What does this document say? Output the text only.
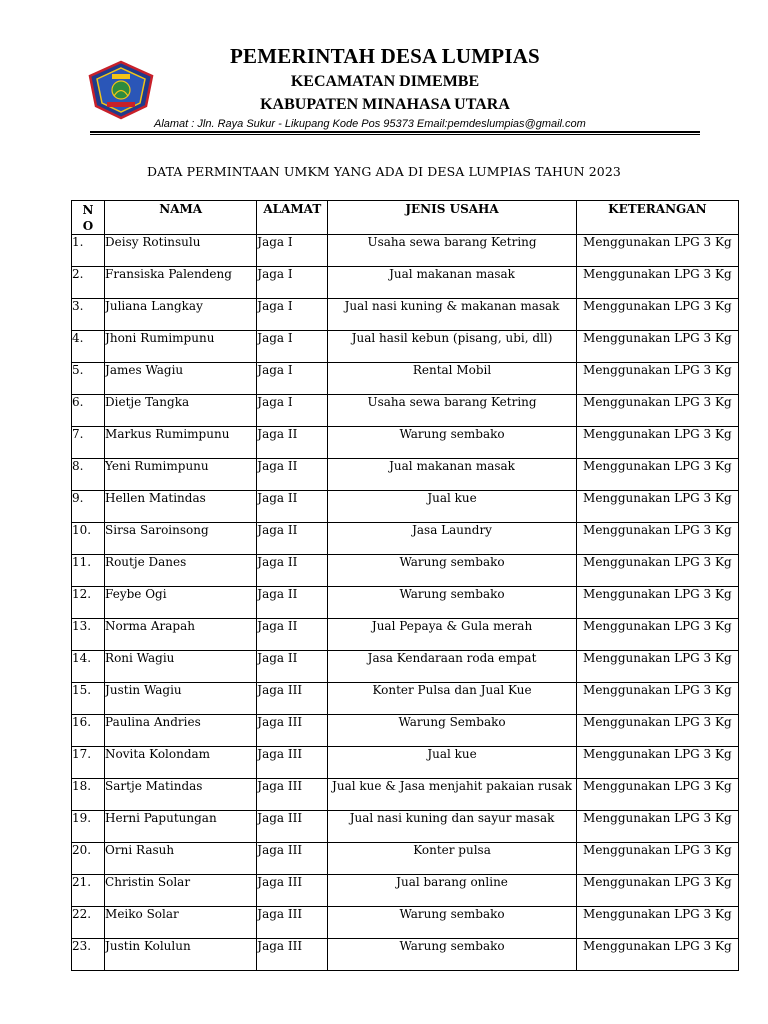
PEMERINTAH DESA LUMPIAS
KECAMATAN DIMEMBE
KABUPATEN MINAHASA UTARA
Alamat : Jln. Raya Sukur - Likupang Kode Pos 95373 Email:pemdeslumpias@gmail.com
DATA PERMINTAAN UMKM YANG ADA DI DESA LUMPIAS TAHUN 2023
N
O	NAMA	ALAMAT	JENIS USAHA	KETERANGAN
1.	Deisy Rotinsulu	Jaga I	Usaha sewa barang Ketring	Menggunakan LPG 3 Kg
2.	Fransiska Palendeng	Jaga I	Jual makanan masak	Menggunakan LPG 3 Kg
3.	Juliana Langkay	Jaga I	Jual nasi kuning & makanan masak	Menggunakan LPG 3 Kg
4.	Jhoni Rumimpunu	Jaga I	Jual hasil kebun (pisang, ubi, dll)	Menggunakan LPG 3 Kg
5.	James Wagiu	Jaga I	Rental Mobil	Menggunakan LPG 3 Kg
6.	Dietje Tangka	Jaga I	Usaha sewa barang Ketring	Menggunakan LPG 3 Kg
7.	Markus Rumimpunu	Jaga II	Warung sembako	Menggunakan LPG 3 Kg
8.	Yeni Rumimpunu	Jaga II	Jual makanan masak	Menggunakan LPG 3 Kg
9.	Hellen Matindas	Jaga II	Jual kue	Menggunakan LPG 3 Kg
10.	Sirsa Saroinsong	Jaga II	Jasa Laundry	Menggunakan LPG 3 Kg
11.	Routje Danes	Jaga II	Warung sembako	Menggunakan LPG 3 Kg
12.	Feybe Ogi	Jaga II	Warung sembako	Menggunakan LPG 3 Kg
13.	Norma Arapah	Jaga II	Jual Pepaya & Gula merah	Menggunakan LPG 3 Kg
14.	Roni Wagiu	Jaga II	Jasa Kendaraan roda empat	Menggunakan LPG 3 Kg
15.	Justin Wagiu	Jaga III	Konter Pulsa dan Jual Kue	Menggunakan LPG 3 Kg
16.	Paulina Andries	Jaga III	Warung Sembako	Menggunakan LPG 3 Kg
17.	Novita Kolondam	Jaga III	Jual kue	Menggunakan LPG 3 Kg
18.	Sartje Matindas	Jaga III	Jual kue & Jasa menjahit pakaian rusak	Menggunakan LPG 3 Kg
19.	Herni Paputungan	Jaga III	Jual nasi kuning dan sayur masak	Menggunakan LPG 3 Kg
20.	Orni Rasuh	Jaga III	Konter pulsa	Menggunakan LPG 3 Kg
21.	Christin Solar	Jaga III	Jual barang online	Menggunakan LPG 3 Kg
22.	Meiko Solar	Jaga III	Warung sembako	Menggunakan LPG 3 Kg
23.	Justin Kolulun	Jaga III	Warung sembako	Menggunakan LPG 3 Kg
